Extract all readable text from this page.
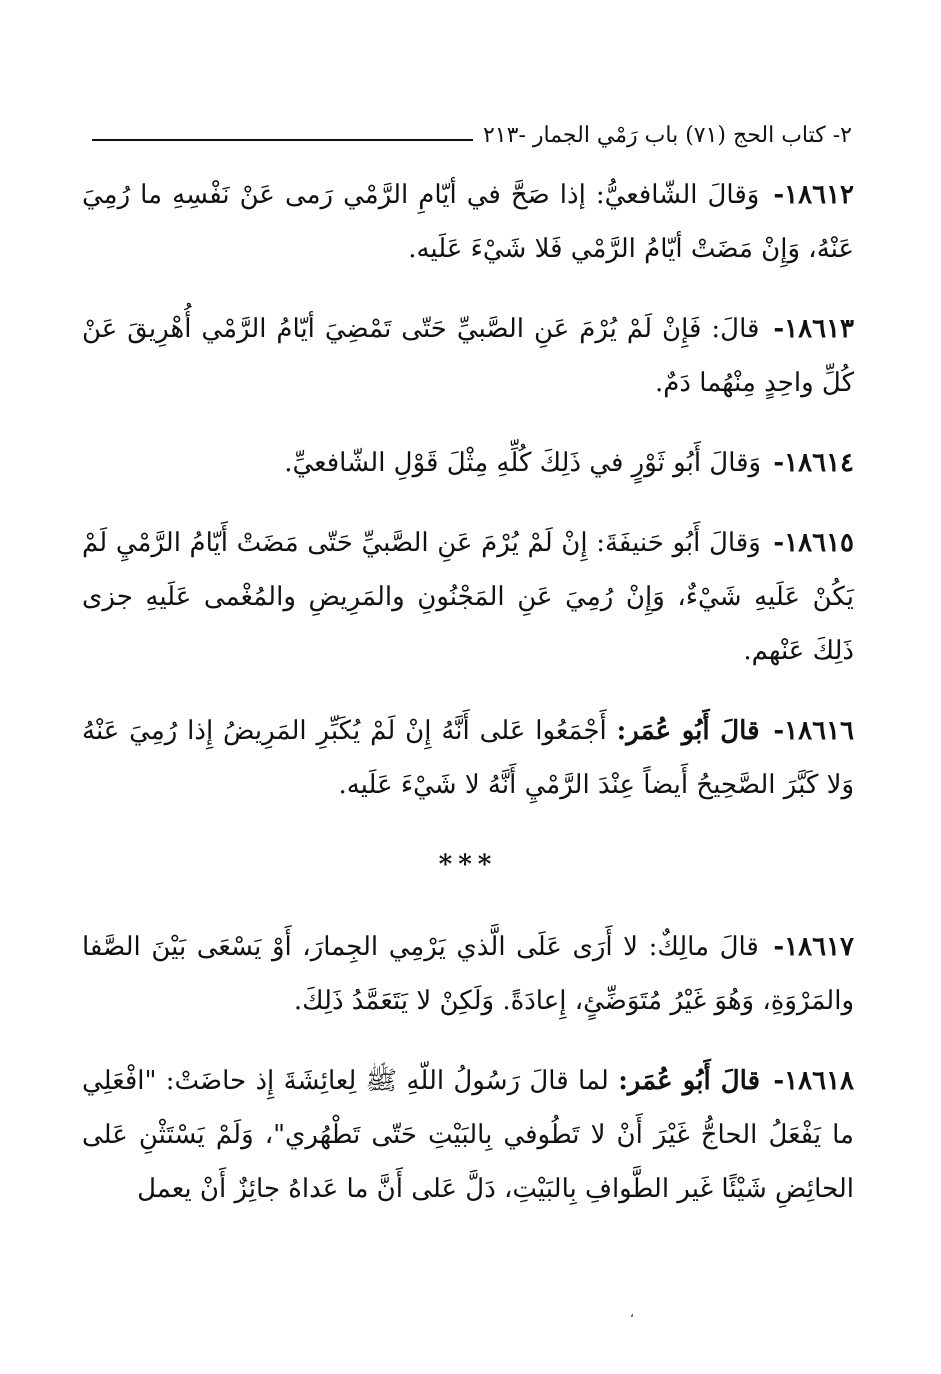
٢- كتاب الحج (٧١) باب رَمْي الجمار -٢١٣

١٨٦١٢- وَقالَ الشّافعيُّ: إذا صَحَّ في أيّامِ الرَّمْي رَمى عَنْ نَفْسِهِ ما رُمِيَ عَنْهُ، وَإِنْ مَضَتْ أيّامُ الرَّمْي فَلا شَيْءَ عَلَيه.

١٨٦١٣- قالَ: فَإِنْ لَمْ يُرْمَ عَنِ الصَّبيِّ حَتّى تَمْضِيَ أيّامُ الرَّمْي أُهْرِيقَ عَنْ كُلِّ واحِدٍ مِنْهُما دَمٌ.

١٨٦١٤- وَقالَ أَبُو ثَوْرٍ في ذَلِكَ كُلِّهِ مِثْلَ قَوْلِ الشّافعيِّ.

١٨٦١٥- وَقالَ أَبُو حَنيفَةَ: إِنْ لَمْ يُرْمَ عَنِ الصَّبيِّ حَتّى مَضَتْ أَيّامُ الرَّمْيِ لَمْ يَكُنْ عَلَيهِ شَيْءٌ، وَإِنْ رُمِيَ عَنِ المَجْنُونِ والمَرِيضِ والمُغْمى عَلَيهِ جزى ذَلِكَ عَنْهم.

١٨٦١٦- قالَ أَبُو عُمَر: أَجْمَعُوا عَلى أَنَّهُ إِنْ لَمْ يُكَبِّرِ المَرِيضُ إِذا رُمِيَ عَنْهُ وَلا كَبَّرَ الصَّحِيحُ أَيضاً عِنْدَ الرَّمْيِ أَنَّهُ لا شَيْءَ عَلَيه.

***

١٨٦١٧- قالَ مالِكٌ: لا أَرَى عَلَى الَّذي يَرْمِي الجِمارَ، أَوْ يَسْعَى بَيْنَ الصَّفا والمَرْوَةِ، وَهُوَ غَيْرُ مُتَوَضِّئٍ، إِعادَةً. وَلَكِنْ لا يَتَعَمَّدُ ذَلِكَ.

١٨٦١٨- قالَ أَبُو عُمَر: لما قالَ رَسُولُ اللّهِ ﷺ لِعائِشَةَ إِذ حاضَتْ: "افْعَلِي ما يَفْعَلُ الحاجُّ غَيْرَ أَنْ لا تَطُوفي بِالبَيْتِ حَتّى تَطْهُري"، وَلَمْ يَسْتَثْنِ عَلى الحائِضِ شَيْئًا غَير الطَّوافِ بِالبَيْتِ، دَلَّ عَلى أَنَّ ما عَداهُ جائِزٌ أَنْ يعمل

،
